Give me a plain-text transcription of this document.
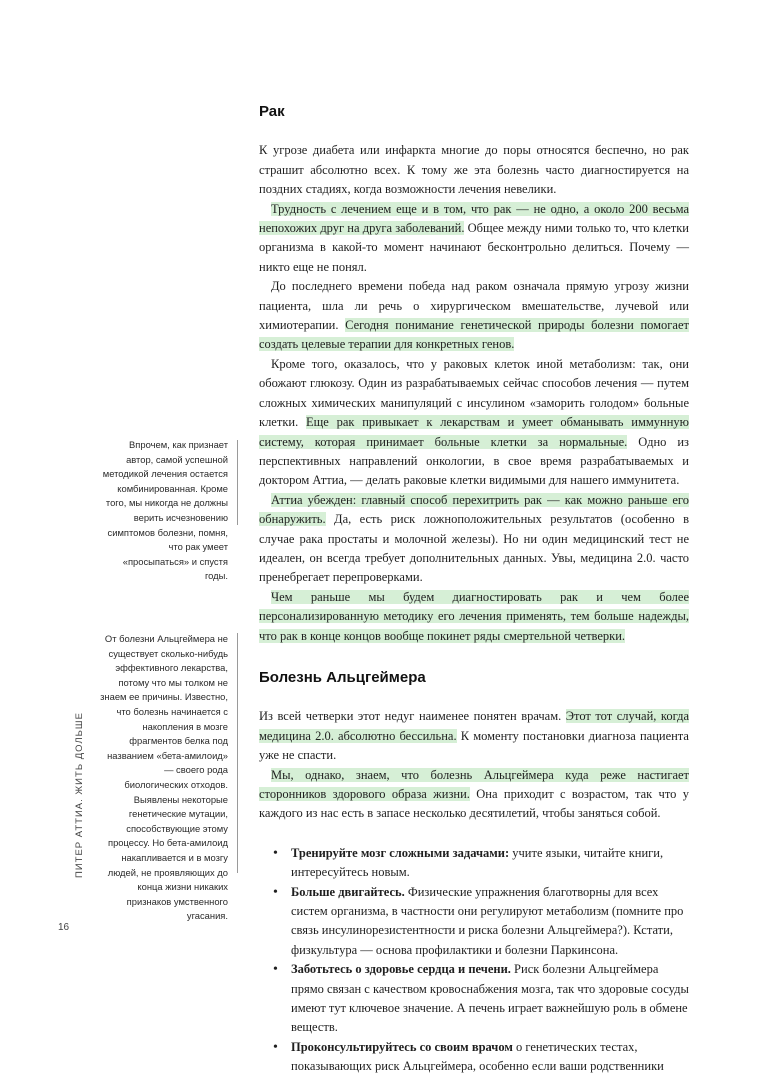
ПИТЕР АТТИА. ЖИТЬ ДОЛЬШЕ
16

Впрочем, как признает автор, самой успешной методикой лечения остается комбинированная. Кроме того, мы никогда не должны верить исчезновению симптомов болезни, помня, что рак умеет «просыпаться» и спустя годы.

От болезни Альцгеймера не существует сколько-нибудь эффективного лекарства, потому что мы толком не знаем ее причины. Известно, что болезнь начинается с накопления в мозге фрагментов белка под названием «бета-амилоид» — своего рода биологических отходов. Выявлены некоторые генетические мутации, способствующие этому процессу. Но бета-амилоид накапливается и в мозгу людей, не проявляющих до конца жизни никаких признаков умственного угасания.

Рак

К угрозе диабета или инфаркта многие до поры относятся беспечно, но рак страшит абсолютно всех. К тому же эта болезнь часто диагностируется на поздних стадиях, когда возможности лечения невелики.

Трудность с лечением еще и в том, что рак — не одно, а около 200 весьма непохожих друг на друга заболеваний. Общее между ними только то, что клетки организма в какой-то момент начинают бесконтрольно делиться. Почему — никто еще не понял.

До последнего времени победа над раком означала прямую угрозу жизни пациента, шла ли речь о хирургическом вмешательстве, лучевой или химиотерапии. Сегодня понимание генетической природы болезни помогает создать целевые терапии для конкретных генов.

Кроме того, оказалось, что у раковых клеток иной метаболизм: так, они обожают глюкозу. Один из разрабатываемых сейчас способов лечения — путем сложных химических манипуляций с инсулином «заморить голодом» больные клетки. Еще рак привыкает к лекарствам и умеет обманывать иммунную систему, которая принимает больные клетки за нормальные. Одно из перспективных направлений онкологии, в свое время разрабатываемых и доктором Аттиа, — делать раковые клетки видимыми для нашего иммунитета.

Аттиа убежден: главный способ перехитрить рак — как можно раньше его обнаружить. Да, есть риск ложноположительных результатов (особенно в случае рака простаты и молочной железы). Но ни один медицинский тест не идеален, он всегда требует дополнительных данных. Увы, медицина 2.0. часто пренебрегает перепроверками.

Чем раньше мы будем диагностировать рак и чем более персонализированную методику его лечения применять, тем больше надежды, что рак в конце концов вообще покинет ряды смертельной четверки.

Болезнь Альцгеймера

Из всей четверки этот недуг наименее понятен врачам. Этот тот случай, когда медицина 2.0. абсолютно бессильна. К моменту постановки диагноза пациента уже не спасти.

Мы, однако, знаем, что болезнь Альцгеймера куда реже настигает сторонников здорового образа жизни. Она приходит с возрастом, так что у каждого из нас есть в запасе несколько десятилетий, чтобы заняться собой.

• Тренируйте мозг сложными задачами: учите языки, читайте книги, интересуйтесь новым.
• Больше двигайтесь. Физические упражнения благотворны для всех систем организма, в частности они регулируют метаболизм (помните про связь инсулинорезистентности и риска болезни Альцгеймера?). Кстати, физкультура — основа профилактики и болезни Паркинсона.
• Заботьтесь о здоровье сердца и печени. Риск болезни Альцгеймера прямо связан с качеством кровоснабжения мозга, так что здоровые сосуды имеют тут ключевое значение. А печень играет важнейшую роль в обмене веществ.
• Проконсультируйтесь со своим врачом о генетических тестах, показывающих риск Альцгеймера, особенно если ваши родственники
